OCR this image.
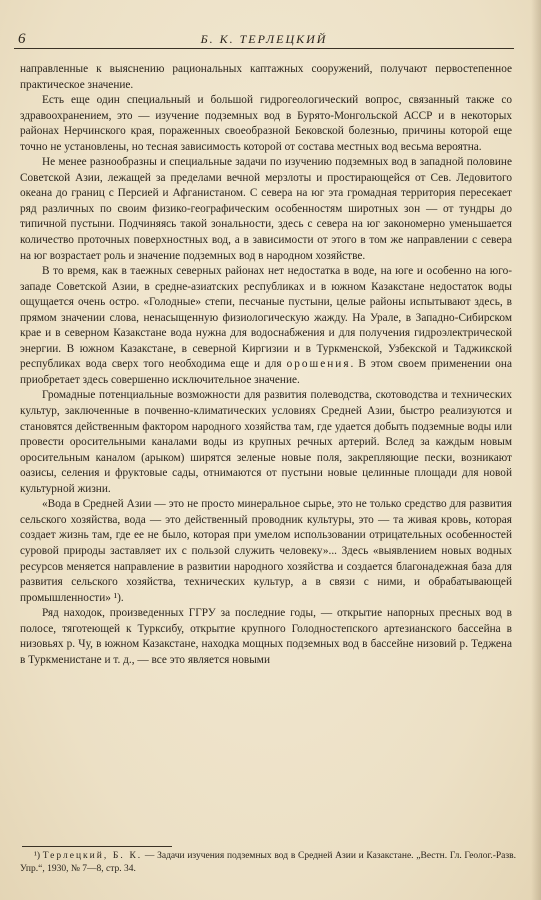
6	Б. К. ТЕРЛЕЦКИЙ

направленные к выяснению рациональных каптажных сооружений, получают первостепенное практическое значение.

Есть еще один специальный и большой гидрогеологический вопрос, связанный также со здравоохранением, это — изучение подземных вод в Бурято-Монгольской АССР и в некоторых районах Нерчинского края, пораженных своеобразной Бековской болезнью, причины которой еще точно не установлены, но тесная зависимость которой от состава местных вод весьма вероятна.

Не менее разнообразны и специальные задачи по изучению подземных вод в западной половине Советской Азии, лежащей за пределами вечной мерзлоты и простирающейся от Сев. Ледовитого океана до границ с Персией и Афганистаном. С севера на юг эта громадная территория пересекает ряд различных по своим физико-географическим особенностям широтных зон — от тундры до типичной пустыни. Подчиняясь такой зональности, здесь с севера на юг закономерно уменьшается количество проточных поверхностных вод, а в зависимости от этого в том же направлении с севера на юг возрастает роль и значение подземных вод в народном хозяйстве.

В то время, как в таежных северных районах нет недостатка в воде, на юге и особенно на юго-западе Советской Азии, в средне-азиатских республиках и в южном Казакстане недостаток воды ощущается очень остро. «Голодные» степи, песчаные пустыни, целые районы испытывают здесь, в прямом значении слова, ненасыщенную физиологическую жажду. На Урале, в Западно-Сибирском крае и в северном Казакстане вода нужна для водоснабжения и для получения гидроэлектрической энергии. В южном Казакстане, в северной Киргизии и в Туркменской, Узбекской и Таджикской республиках вода сверх того необходима еще и для орошения. В этом своем применении она приобретает здесь совершенно исключительное значение.

Громадные потенциальные возможности для развития полеводства, скотоводства и технических культур, заключенные в почвенно-климатических условиях Средней Азии, быстро реализуются и становятся действенным фактором народного хозяйства там, где удается добыть подземные воды или провести оросительными каналами воды из крупных речных артерий. Вслед за каждым новым оросительным каналом (арыком) ширятся зеленые новые поля, закрепляющие пески, возникают оазисы, селения и фруктовые сады, отнимаются от пустыни новые целинные площади для новой культурной жизни.

«Вода в Средней Азии — это не просто минеральное сырье, это не только средство для развития сельского хозяйства, вода — это действенный проводник культуры, это — та живая кровь, которая создает жизнь там, где ее не было, которая при умелом использовании отрицательных особенностей суровой природы заставляет их с пользой служить человеку»... Здесь «выявлением новых водных ресурсов меняется направление в развитии народного хозяйства и создается благонадежная база для развития сельского хозяйства, технических культур, а в связи с ними, и обрабатывающей промышленности» ¹).

Ряд находок, произведенных ГГРУ за последние годы, — открытие напорных пресных вод в полосе, тяготеющей к Турксибу, открытие крупного Голодностепского артезианского бассейна в низовьях р. Чу, в южном Казакстане, находка мощных подземных вод в бассейне низовий р. Теджена в Туркменистане и т. д., — все это является новыми

¹) Терлецкий, Б. К. — Задачи изучения подземных вод в Средней Азии и Казакстане. „Вестн. Гл. Геолог.-Разв. Упр.“, 1930, № 7—8, стр. 34.
